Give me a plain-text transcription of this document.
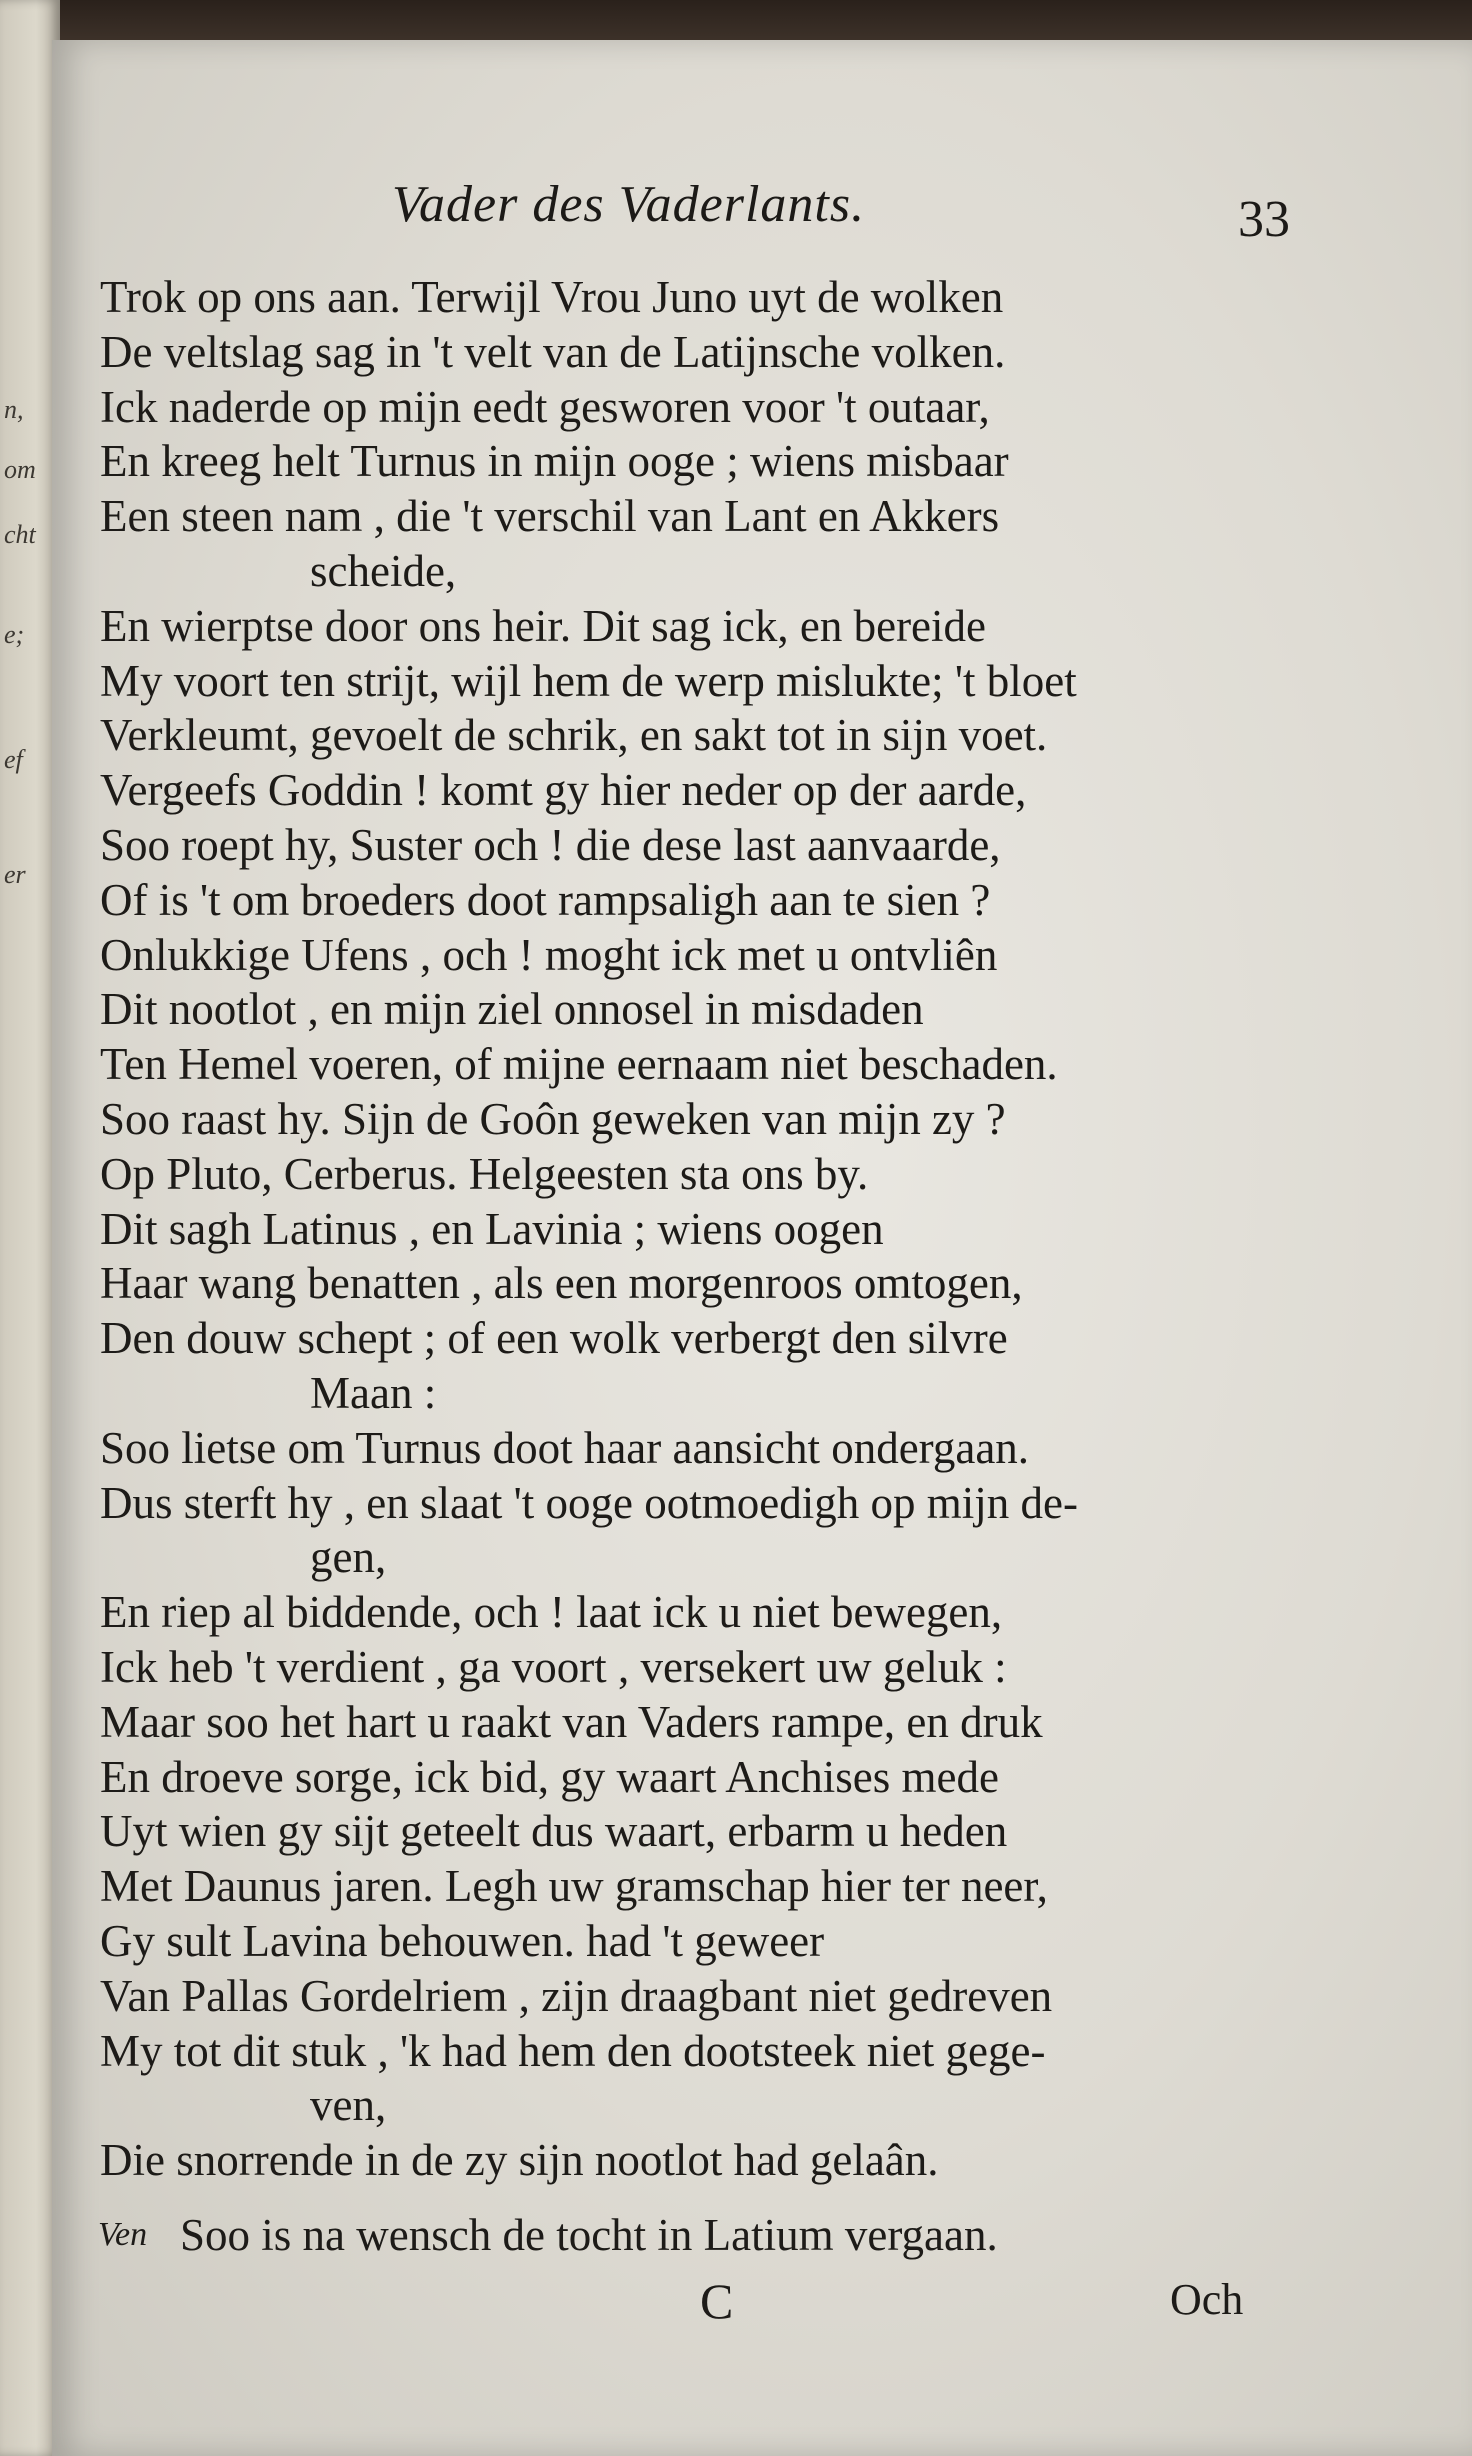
n,
om
cht
e;
ef
er
Vader des Vaderlants.	33
Trok op ons aan. Terwijl Vrou Juno uyt de wolken
De veltslag sag in 't velt van de Latijnsche volken.
Ick naderde op mijn eedt gesworen voor 't outaar,
En kreeg helt Turnus in mijn ooge ; wiens misbaar
Een steen nam , die 't verschil van Lant en Akkers
scheide,
En wierptse door ons heir. Dit sag ick, en bereide
My voort ten strijt, wijl hem de werp mislukte; 't bloet
Verkleumt, gevoelt de schrik, en sakt tot in sijn voet.
Vergeefs Goddin ! komt gy hier neder op der aarde,
Soo roept hy, Suster och ! die dese last aanvaarde,
Of is 't om broeders doot rampsaligh aan te sien ?
Onlukkige Ufens , och ! moght ick met u ontvliên
Dit nootlot , en mijn ziel onnosel in misdaden
Ten Hemel voeren, of mijne eernaam niet beschaden.
Soo raast hy. Sijn de Goôn geweken van mijn zy ?
Op Pluto, Cerberus. Helgeesten sta ons by.
Dit sagh Latinus , en Lavinia ; wiens oogen
Haar wang benatten , als een morgenroos omtogen,
Den douw schept ; of een wolk verbergt den silvre
Maan :
Soo lietse om Turnus doot haar aansicht ondergaan.
Dus sterft hy , en slaat 't ooge ootmoedigh op mijn de-
gen,
En riep al biddende, och ! laat ick u niet bewegen,
Ick heb 't verdient , ga voort , versekert uw geluk :
Maar soo het hart u raakt van Vaders rampe, en druk
En droeve sorge, ick bid, gy waart Anchises mede
Uyt wien gy sijt geteelt dus waart, erbarm u heden
Met Daunus jaren. Legh uw gramschap hier ter neer,
Gy sult Lavina behouwen. had 't geweer
Van Pallas Gordelriem , zijn draagbant niet gedreven
My tot dit stuk , 'k had hem den dootsteek niet gege-
ven,
Die snorrende in de zy sijn nootlot had gelaân.
Ven Soo is na wensch de tocht in Latium vergaan.
C	Och
